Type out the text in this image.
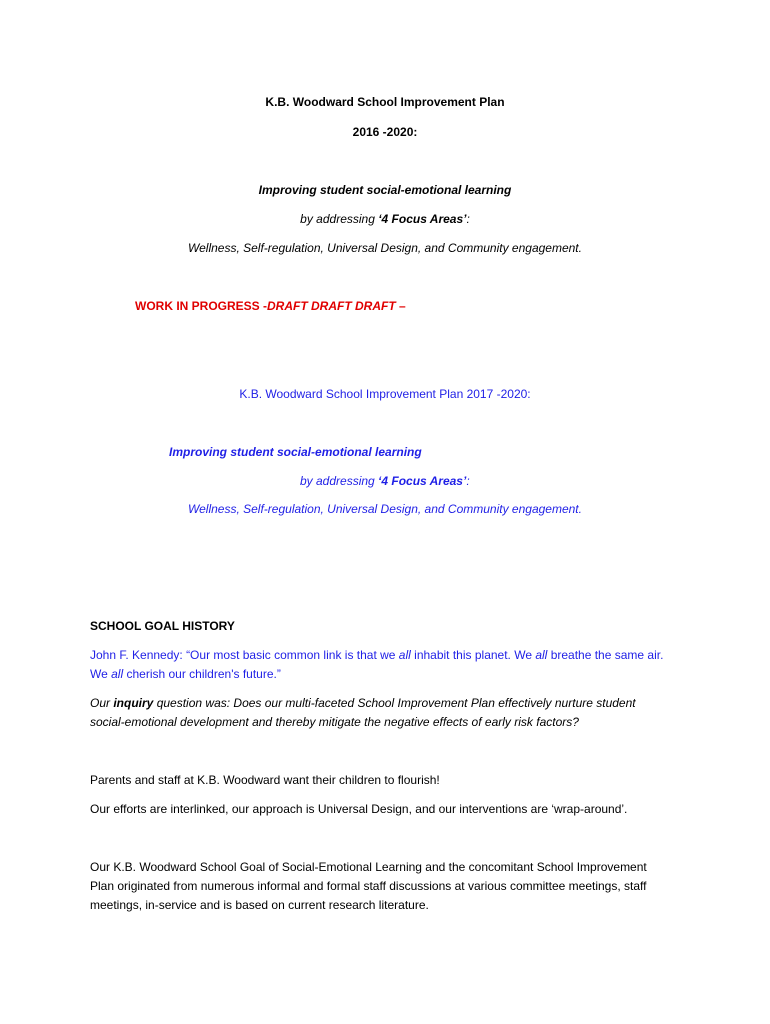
K.B. Woodward School Improvement Plan
2016 -2020:
Improving student social-emotional learning
by addressing ‘4 Focus Areas’:
Wellness, Self-regulation, Universal Design, and Community engagement.
WORK IN PROGRESS -DRAFT DRAFT DRAFT –
K.B. Woodward School Improvement Plan 2017 -2020:
Improving student social-emotional learning
by addressing ‘4 Focus Areas’:
Wellness, Self-regulation, Universal Design, and Community engagement.
SCHOOL GOAL HISTORY
John F. Kennedy: “Our most basic common link is that we all inhabit this planet. We all breathe the same air. We all cherish our children's future.”
Our inquiry question was: Does our multi-faceted School Improvement Plan effectively nurture student social-emotional development and thereby mitigate the negative effects of early risk factors?
Parents and staff at K.B. Woodward want their children to flourish!
Our efforts are interlinked, our approach is Universal Design, and our interventions are ‘wrap-around’.
Our K.B. Woodward School Goal of Social-Emotional Learning and the concomitant School Improvement Plan originated from numerous informal and formal staff discussions at various committee meetings, staff meetings, in-service and is based on current research literature.
